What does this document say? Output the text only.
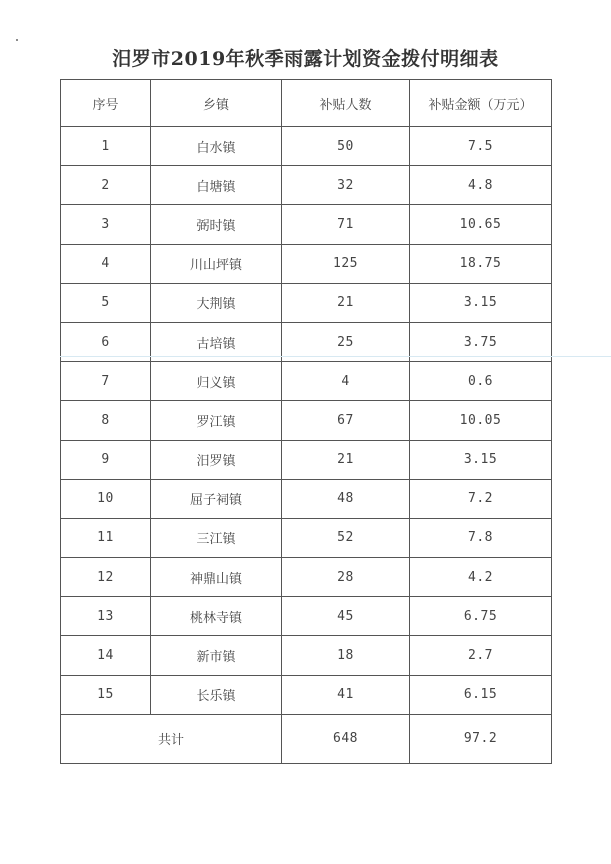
汨罗市2019年秋季雨露计划资金拨付明细表
序号	乡镇	补贴人数	补贴金额（万元）
1	白水镇	50	7.5
2	白塘镇	32	4.8
3	弼时镇	71	10.65
4	川山坪镇	125	18.75
5	大荆镇	21	3.15
6	古培镇	25	3.75
7	归义镇	4	0.6
8	罗江镇	67	10.05
9	汨罗镇	21	3.15
10	屈子祠镇	48	7.2
11	三江镇	52	7.8
12	神鼎山镇	28	4.2
13	桃林寺镇	45	6.75
14	新市镇	18	2.7
15	长乐镇	41	6.15
共计		648	97.2
